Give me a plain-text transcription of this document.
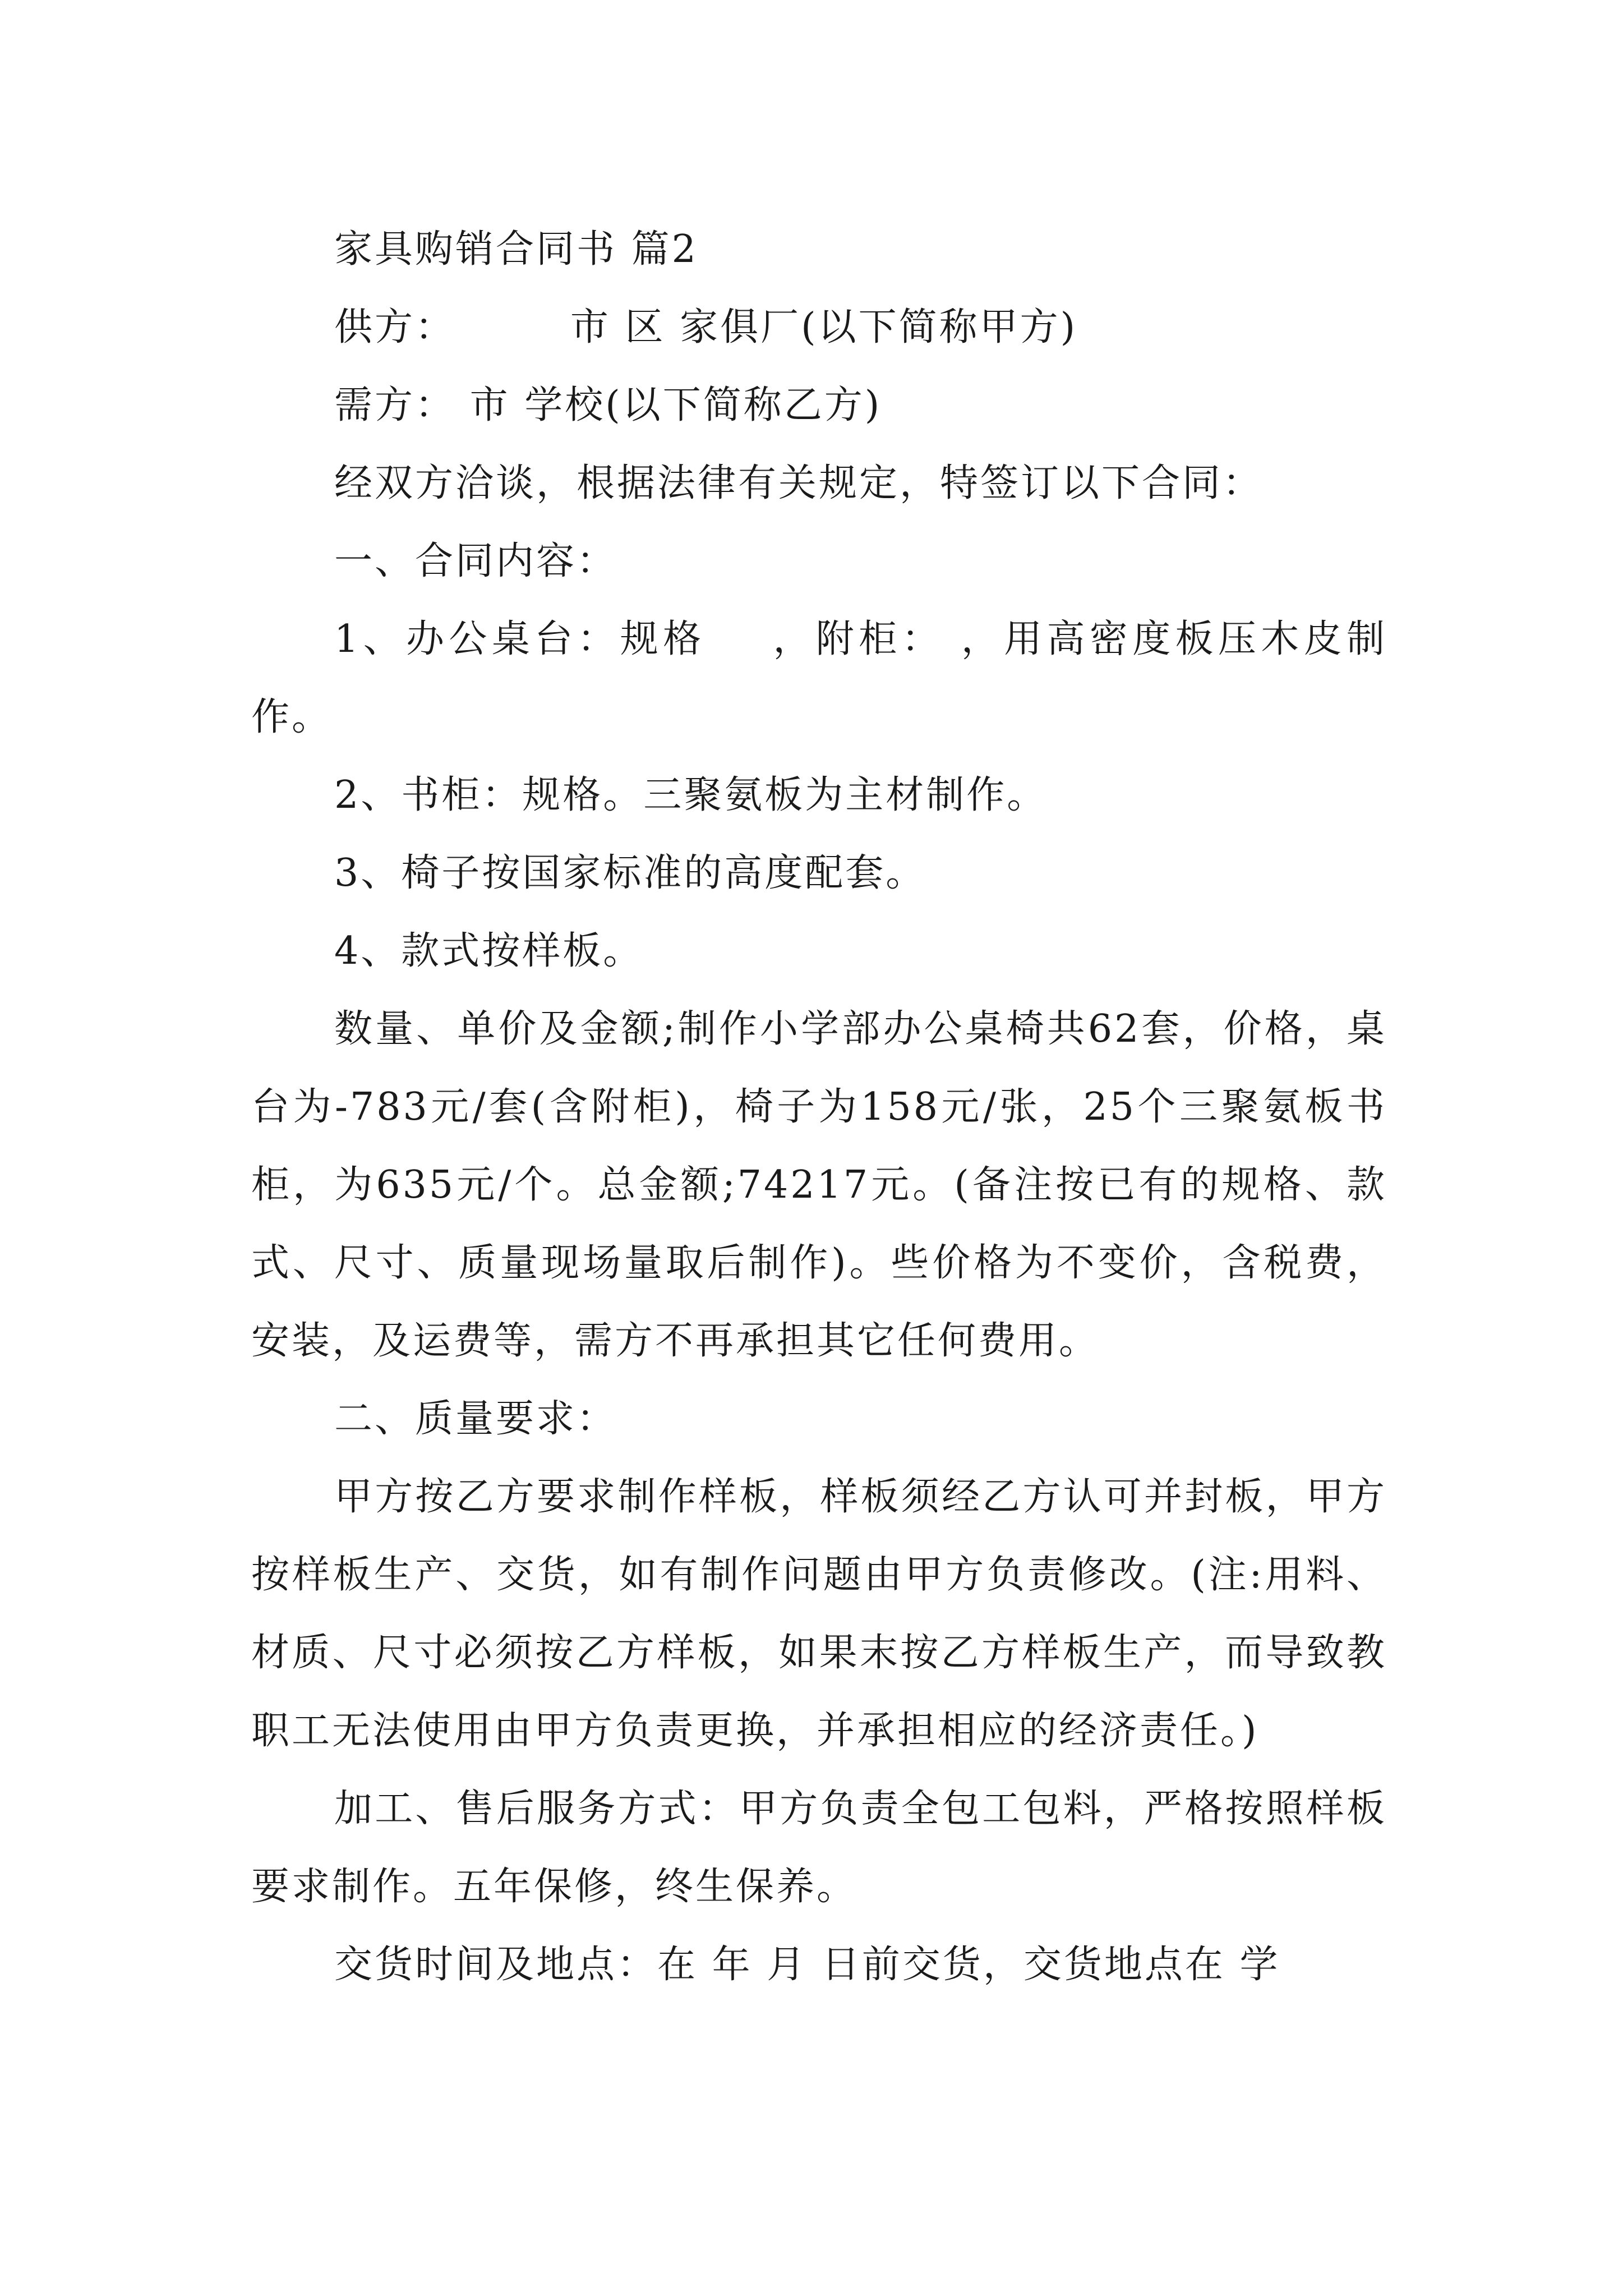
家具购销合同书 篇2

供方：        市 区 家俱厂(以下简称甲方)

需方： 市 学校(以下简称乙方)

经双方洽谈，根据法律有关规定，特签订以下合同：

一、合同内容：

1、办公桌台：规格    ，附柜： ，用高密度板压木皮制作。

2、书柜：规格。三聚氨板为主材制作。

3、椅子按国家标准的高度配套。

4、款式按样板。

数量、单价及金额;制作小学部办公桌椅共62套，价格，桌台为-783元/套(含附柜)，椅子为158元/张，25个三聚氨板书柜，为635元/个。总金额;74217元。(备注按已有的规格、款式、尺寸、质量现场量取后制作)。些价格为不变价，含税费，安装，及运费等，需方不再承担其它任何费用。

二、质量要求：

甲方按乙方要求制作样板，样板须经乙方认可并封板，甲方按样板生产、交货，如有制作问题由甲方负责修改。(注:用料、材质、尺寸必须按乙方样板，如果末按乙方样板生产，而导致教职工无法使用由甲方负责更换，并承担相应的经济责任。)

加工、售后服务方式：甲方负责全包工包料，严格按照样板要求制作。五年保修，终生保养。

交货时间及地点：在 年 月 日前交货，交货地点在 学
